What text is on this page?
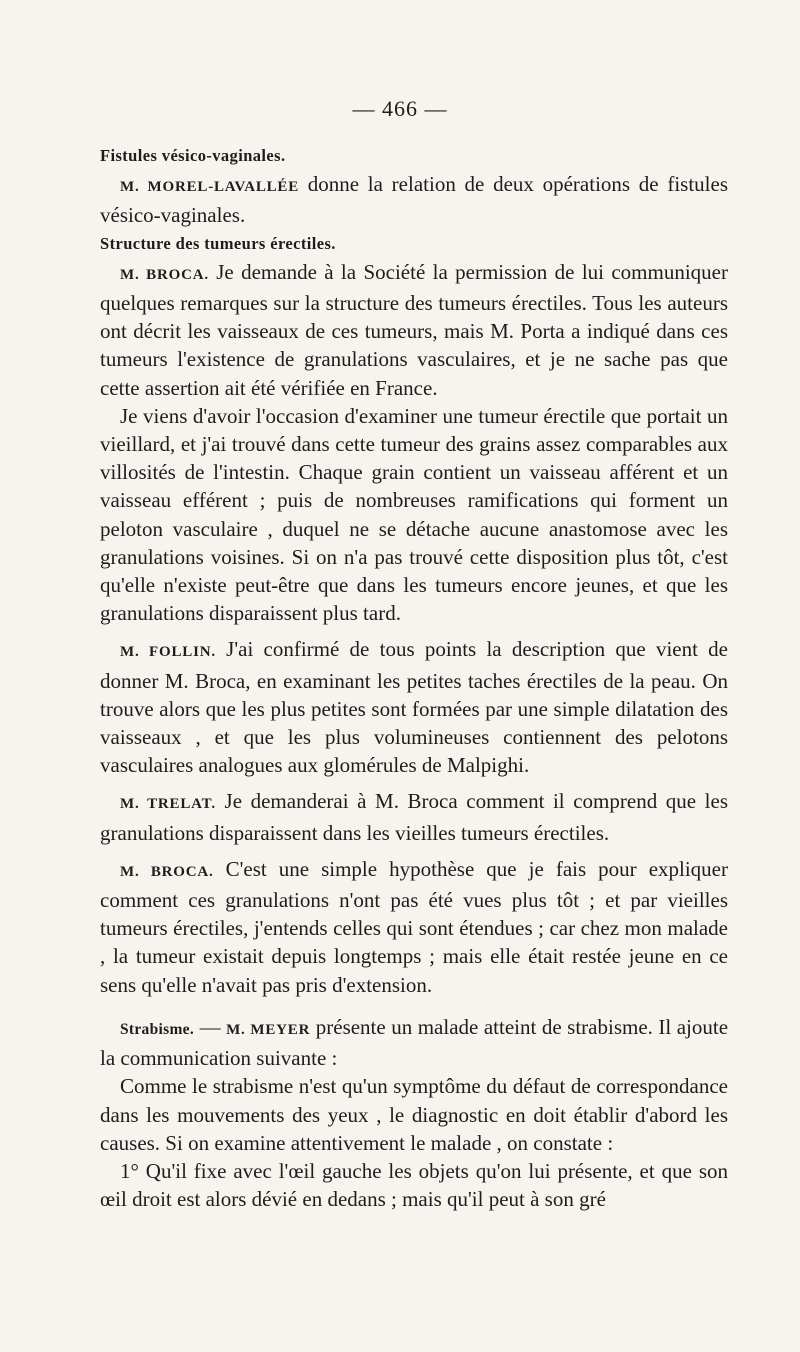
— 466 —

Fistules vésico-vaginales.

M. MOREL-LAVALLÉE donne la relation de deux opérations de fistules vésico-vaginales.

Structure des tumeurs érectiles.

M. BROCA. Je demande à la Société la permission de lui communiquer quelques remarques sur la structure des tumeurs érectiles. Tous les auteurs ont décrit les vaisseaux de ces tumeurs, mais M. Porta a indiqué dans ces tumeurs l'existence de granulations vasculaires, et je ne sache pas que cette assertion ait été vérifiée en France.

Je viens d'avoir l'occasion d'examiner une tumeur érectile que portait un vieillard, et j'ai trouvé dans cette tumeur des grains assez comparables aux villosités de l'intestin. Chaque grain contient un vaisseau afférent et un vaisseau efférent ; puis de nombreuses ramifications qui forment un peloton vasculaire , duquel ne se détache aucune anastomose avec les granulations voisines. Si on n'a pas trouvé cette disposition plus tôt, c'est qu'elle n'existe peut-être que dans les tumeurs encore jeunes, et que les granulations disparaissent plus tard.

M. FOLLIN. J'ai confirmé de tous points la description que vient de donner M. Broca, en examinant les petites taches érectiles de la peau. On trouve alors que les plus petites sont formées par une simple dilatation des vaisseaux , et que les plus volumineuses contiennent des pelotons vasculaires analogues aux glomérules de Malpighi.

M. TRELAT. Je demanderai à M. Broca comment il comprend que les granulations disparaissent dans les vieilles tumeurs érectiles.

M. BROCA. C'est une simple hypothèse que je fais pour expliquer comment ces granulations n'ont pas été vues plus tôt ; et par vieilles tumeurs érectiles, j'entends celles qui sont étendues ; car chez mon malade , la tumeur existait depuis longtemps ; mais elle était restée jeune en ce sens qu'elle n'avait pas pris d'extension.

Strabisme. — M. MEYER présente un malade atteint de strabisme. Il ajoute la communication suivante :

Comme le strabisme n'est qu'un symptôme du défaut de correspondance dans les mouvements des yeux , le diagnostic en doit établir d'abord les causes. Si on examine attentivement le malade , on constate :

1° Qu'il fixe avec l'œil gauche les objets qu'on lui présente, et que son œil droit est alors dévié en dedans ; mais qu'il peut à son gré
